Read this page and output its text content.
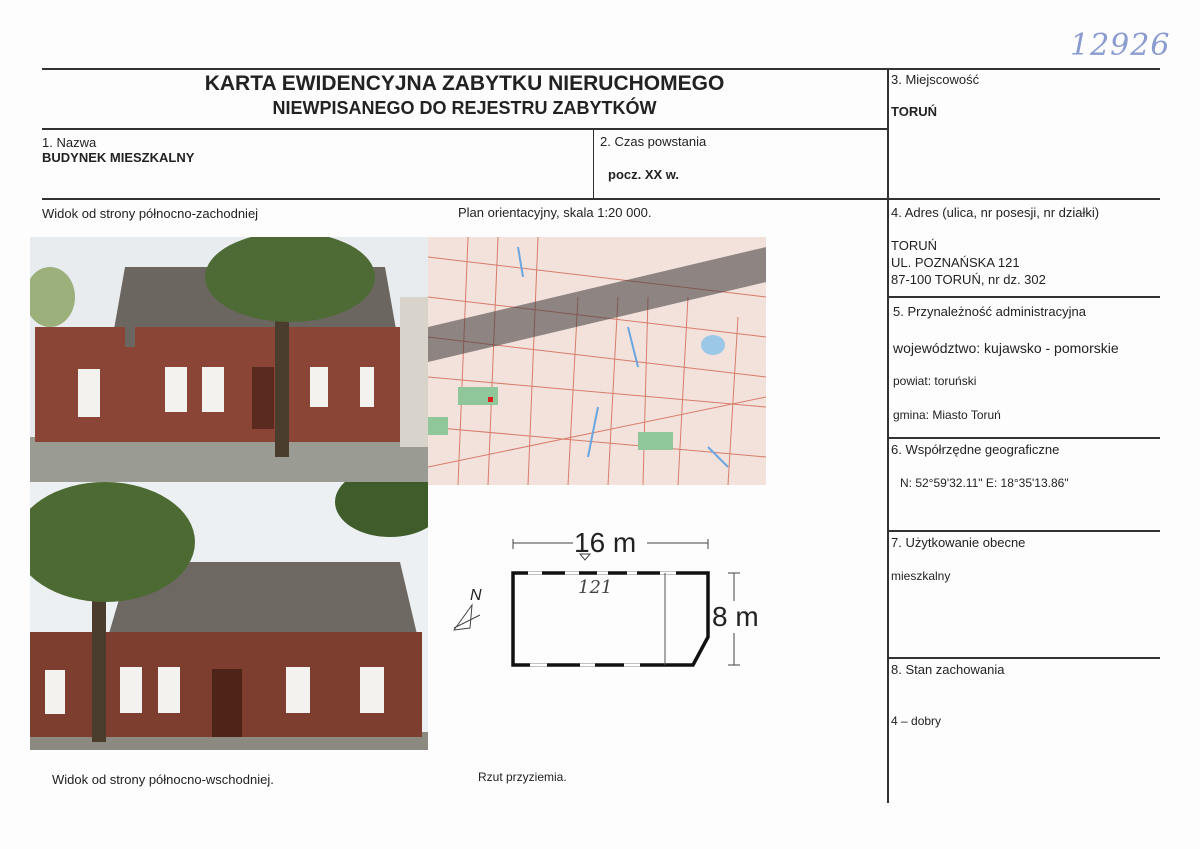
12926
KARTA EWIDENCYJNA ZABYTKU NIERUCHOMEGO
NIEWPISANEGO DO REJESTRU ZABYTKÓW
1. Nazwa
BUDYNEK MIESZKALNY
2. Czas powstania
pocz. XX w.
3. Miejscowość
TORUŃ
4. Adres (ulica, nr posesji, nr działki)
TORUŃ
UL. POZNAŃSKA 121
87-100 TORUŃ, nr dz. 302
5. Przynależność administracyjna
województwo: kujawsko - pomorskie
powiat: toruński
gmina: Miasto Toruń
6. Współrzędne geograficzne
N: 52°59'32.11" E: 18°35'13.86"
7. Użytkowanie obecne
mieszkalny
8. Stan zachowania
4 – dobry
Widok od strony północno-zachodniej	Plan orientacyjny, skala 1:20 000.
Widok od strony północno-wschodniej.	Rzut przyziemia.
16 m
8 m
121
N
